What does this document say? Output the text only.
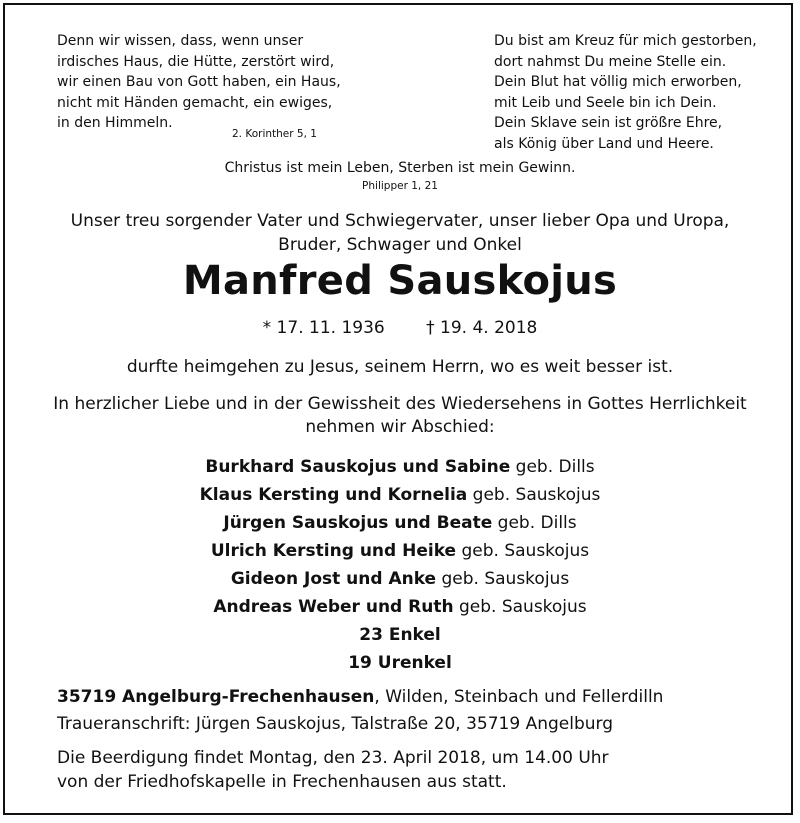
Denn wir wissen, dass, wenn unser
irdisches Haus, die Hütte, zerstört wird,
wir einen Bau von Gott haben, ein Haus,
nicht mit Händen gemacht, ein ewiges,
in den Himmeln.
2. Korinther 5, 1
Du bist am Kreuz für mich gestorben,
dort nahmst Du meine Stelle ein.
Dein Blut hat völlig mich erworben,
mit Leib und Seele bin ich Dein.
Dein Sklave sein ist größre Ehre,
als König über Land und Heere.
Christus ist mein Leben, Sterben ist mein Gewinn.
Philipper 1, 21
Unser treu sorgender Vater und Schwiegervater, unser lieber Opa und Uropa,
Bruder, Schwager und Onkel
Manfred Sauskojus
* 17. 11. 1936 † 19. 4. 2018
durfte heimgehen zu Jesus, seinem Herrn, wo es weit besser ist.
In herzlicher Liebe und in der Gewissheit des Wiedersehens in Gottes Herrlichkeit
nehmen wir Abschied:
Burkhard Sauskojus und Sabine geb. Dills
Klaus Kersting und Kornelia geb. Sauskojus
Jürgen Sauskojus und Beate geb. Dills
Ulrich Kersting und Heike geb. Sauskojus
Gideon Jost und Anke geb. Sauskojus
Andreas Weber und Ruth geb. Sauskojus
23 Enkel
19 Urenkel
35719 Angelburg-Frechenhausen, Wilden, Steinbach und Fellerdilln
Traueranschrift: Jürgen Sauskojus, Talstraße 20, 35719 Angelburg
Die Beerdigung findet Montag, den 23. April 2018, um 14.00 Uhr
von der Friedhofskapelle in Frechenhausen aus statt.
